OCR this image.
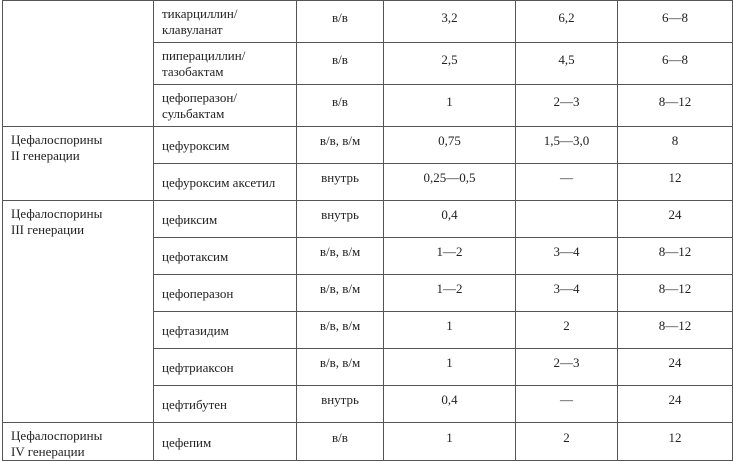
	тикарциллин/
клавуланат	в/в	3,2	6,2	6—8
	пиперациллин/
тазобактам	в/в	2,5	4,5	6—8
	цефоперазон/
сульбактам	в/в	1	2—3	8—12
Цефалоспорины
II генерации	цефуроксим	в/в, в/м	0,75	1,5—3,0	8
	цефуроксим аксетил	внутрь	0,25—0,5	—	12
Цефалоспорины
III генерации	цефиксим	внутрь	0,4		24
	цефотаксим	в/в, в/м	1—2	3—4	8—12
	цефоперазон	в/в, в/м	1—2	3—4	8—12
	цефтазидим	в/в, в/м	1	2	8—12
	цефтриаксон	в/в, в/м	1	2—3	24
	цефтибутен	внутрь	0,4	—	24
Цефалоспорины
IV генерации	цефепим	в/в	1	2	12
